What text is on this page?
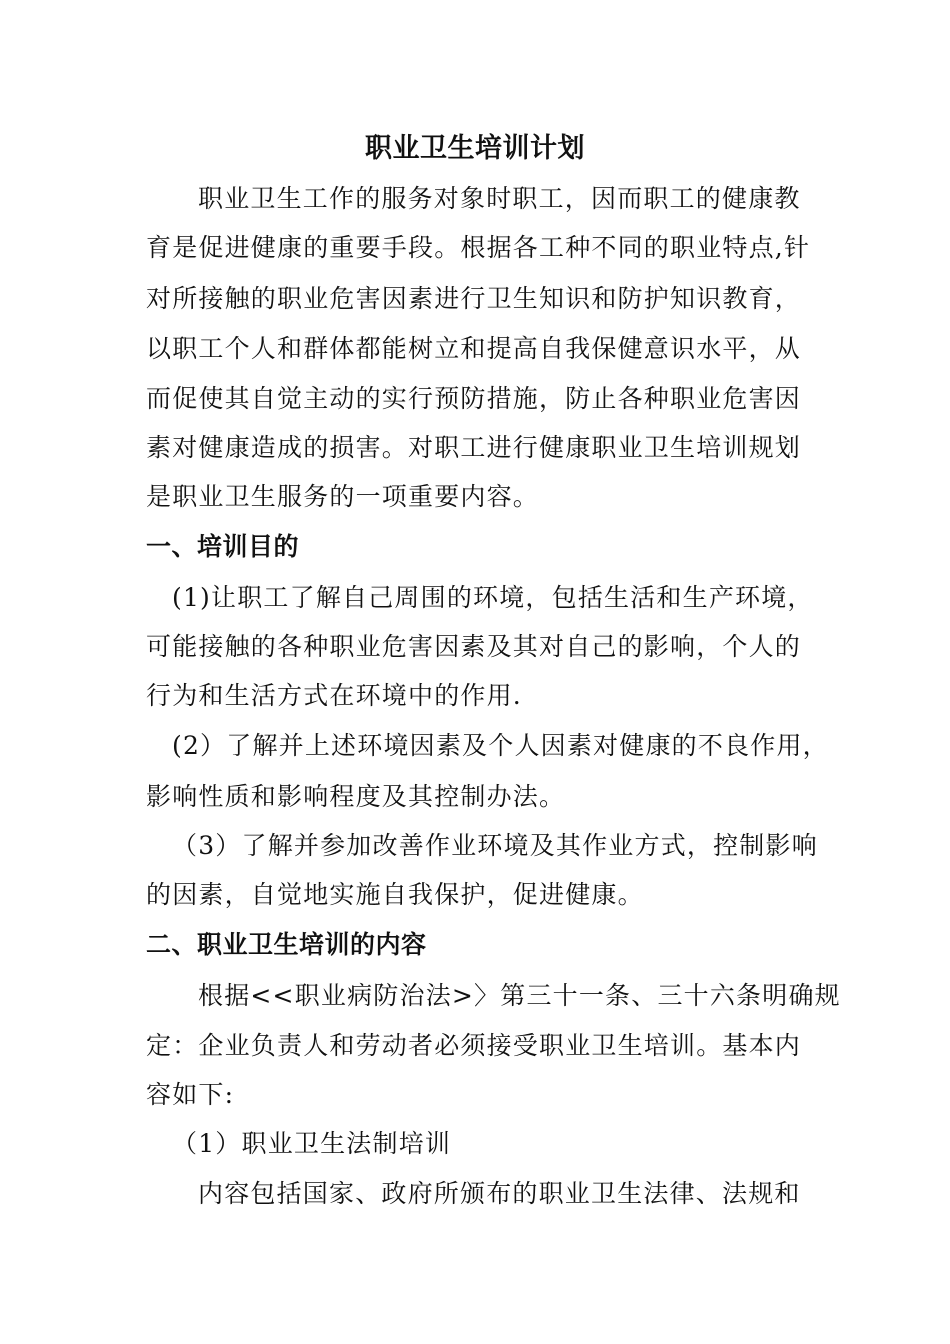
职业卫生培训计划
职业卫生工作的服务对象时职工，因而职工的健康教
育是促进健康的重要手段。根据各工种不同的职业特点,针
对所接触的职业危害因素进行卫生知识和防护知识教育，
以职工个人和群体都能树立和提高自我保健意识水平，从
而促使其自觉主动的实行预防措施，防止各种职业危害因
素对健康造成的损害。对职工进行健康职业卫生培训规划
是职业卫生服务的一项重要内容。
一、培训目的
(1)让职工了解自己周围的环境，包括生活和生产环境，
可能接触的各种职业危害因素及其对自己的影响，个人的
行为和生活方式在环境中的作用.
(2）了解并上述环境因素及个人因素对健康的不良作用，
影响性质和影响程度及其控制办法。
（3）了解并参加改善作业环境及其作业方式，控制影响
的因素，自觉地实施自我保护，促进健康。
二、职业卫生培训的内容
根据<<职业病防治法>〉第三十一条、三十六条明确规
定：企业负责人和劳动者必须接受职业卫生培训。基本内
容如下:
（1）职业卫生法制培训
内容包括国家、政府所颁布的职业卫生法律、法规和
